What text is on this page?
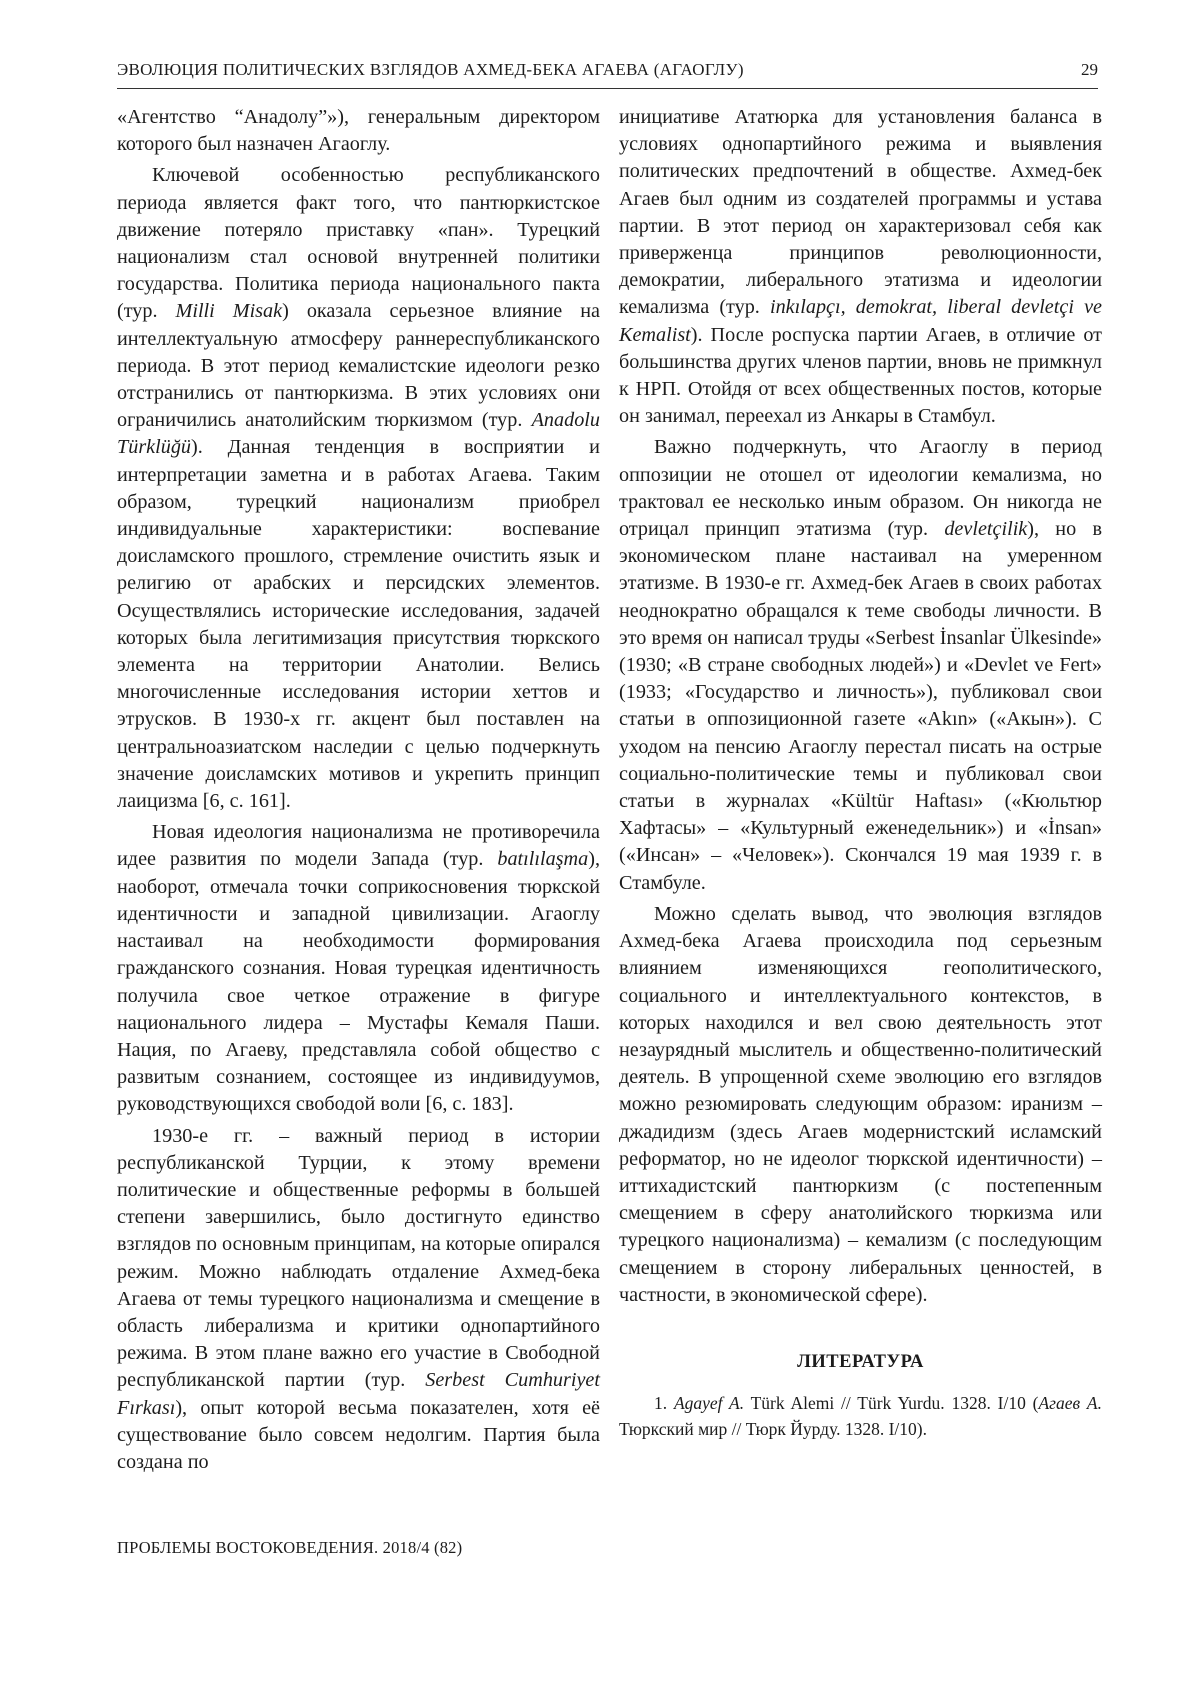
ЭВОЛЮЦИЯ ПОЛИТИЧЕСКИХ ВЗГЛЯДОВ АХМЕД-БЕКА АГАЕВА (АГАОГЛУ)	29

«Агентство “Анадолу”»), генеральным директором которого был назначен Агаоглу.

Ключевой особенностью республиканского периода является факт того, что пантюркистское движение потеряло приставку «пан». Турецкий национализм стал основой внутренней политики государства. Политика периода национального пакта (тур. Milli Misak) оказала серьезное влияние на интеллектуальную атмосферу раннереспубликанского периода. В этот период кемалистские идеологи резко отстранились от пантюркизма. В этих условиях они ограничились анатолийским тюркизмом (тур. Anadolu Türklüğü). Данная тенденция в восприятии и интерпретации заметна и в работах Агаева. Таким образом, турецкий национализм приобрел индивидуальные характеристики: воспевание доисламского прошлого, стремление очистить язык и религию от арабских и персидских элементов. Осуществлялись исторические исследования, задачей которых была легитимизация присутствия тюркского элемента на территории Анатолии. Велись многочисленные исследования истории хеттов и этрусков. В 1930-х гг. акцент был поставлен на центральноазиатском наследии с целью подчеркнуть значение доисламских мотивов и укрепить принцип лаицизма [6, с. 161].

Новая идеология национализма не противоречила идее развития по модели Запада (тур. batılılaşma), наоборот, отмечала точки соприкосновения тюркской идентичности и западной цивилизации. Агаоглу настаивал на необходимости формирования гражданского сознания. Новая турецкая идентичность получила свое четкое отражение в фигуре национального лидера – Мустафы Кемаля Паши. Нация, по Агаеву, представляла собой общество с развитым сознанием, состоящее из индивидуумов, руководствующихся свободой воли [6, с. 183].

1930-е гг. – важный период в истории республиканской Турции, к этому времени политические и общественные реформы в большей степени завершились, было достигнуто единство взглядов по основным принципам, на которые опирался режим. Можно наблюдать отдаление Ахмед-бека Агаева от темы турецкого национализма и смещение в область либерализма и критики однопартийного режима. В этом плане важно его участие в Свободной республиканской партии (тур. Serbest Cumhuriyet Fırkası), опыт которой весьма показателен, хотя её существование было совсем недолгим. Партия была создана по

инициативе Ататюрка для установления баланса в условиях однопартийного режима и выявления политических предпочтений в обществе. Ахмед-бек Агаев был одним из создателей программы и устава партии. В этот период он характеризовал себя как приверженца принципов революционности, демократии, либерального этатизма и идеологии кемализма (тур. inkılapçı, demokrat, liberal devletçi ve Kemalist). После роспуска партии Агаев, в отличие от большинства других членов партии, вновь не примкнул к НРП. Отойдя от всех общественных постов, которые он занимал, переехал из Анкары в Стамбул.

Важно подчеркнуть, что Агаоглу в период оппозиции не отошел от идеологии кемализма, но трактовал ее несколько иным образом. Он никогда не отрицал принцип этатизма (тур. devletçilik), но в экономическом плане настаивал на умеренном этатизме. В 1930-е гг. Ахмед-бек Агаев в своих работах неоднократно обращался к теме свободы личности. В это время он написал труды «Serbest İnsanlar Ülkesinde» (1930; «В стране свободных людей») и «Devlet ve Fert» (1933; «Государство и личность»), публиковал свои статьи в оппозиционной газете «Akın» («Акын»). С уходом на пенсию Агаоглу перестал писать на острые социально-политические темы и публиковал свои статьи в журналах «Kültür Haftası» («Кюльтюр Хафтасы» – «Культурный еженедельник») и «İnsan» («Инсан» – «Человек»). Скончался 19 мая 1939 г. в Стамбуле.

Можно сделать вывод, что эволюция взглядов Ахмед-бека Агаева происходила под серьезным влиянием изменяющихся геополитического, социального и интеллектуального контекстов, в которых находился и вел свою деятельность этот незаурядный мыслитель и общественно-политический деятель. В упрощенной схеме эволюцию его взглядов можно резюмировать следующим образом: иранизм – джадидизм (здесь Агаев модернистский исламский реформатор, но не идеолог тюркской идентичности) – иттихадистский пантюркизм (с постепенным смещением в сферу анатолийского тюркизма или турецкого национализма) – кемализм (с последующим смещением в сторону либеральных ценностей, в частности, в экономической сфере).

ЛИТЕРАТУРА

1. Agayef A. Türk Alemi // Türk Yurdu. 1328. I/10 (Агаев А. Тюркский мир // Тюрк Йурду. 1328. I/10).

ПРОБЛЕМЫ ВОСТОКОВЕДЕНИЯ. 2018/4 (82)
